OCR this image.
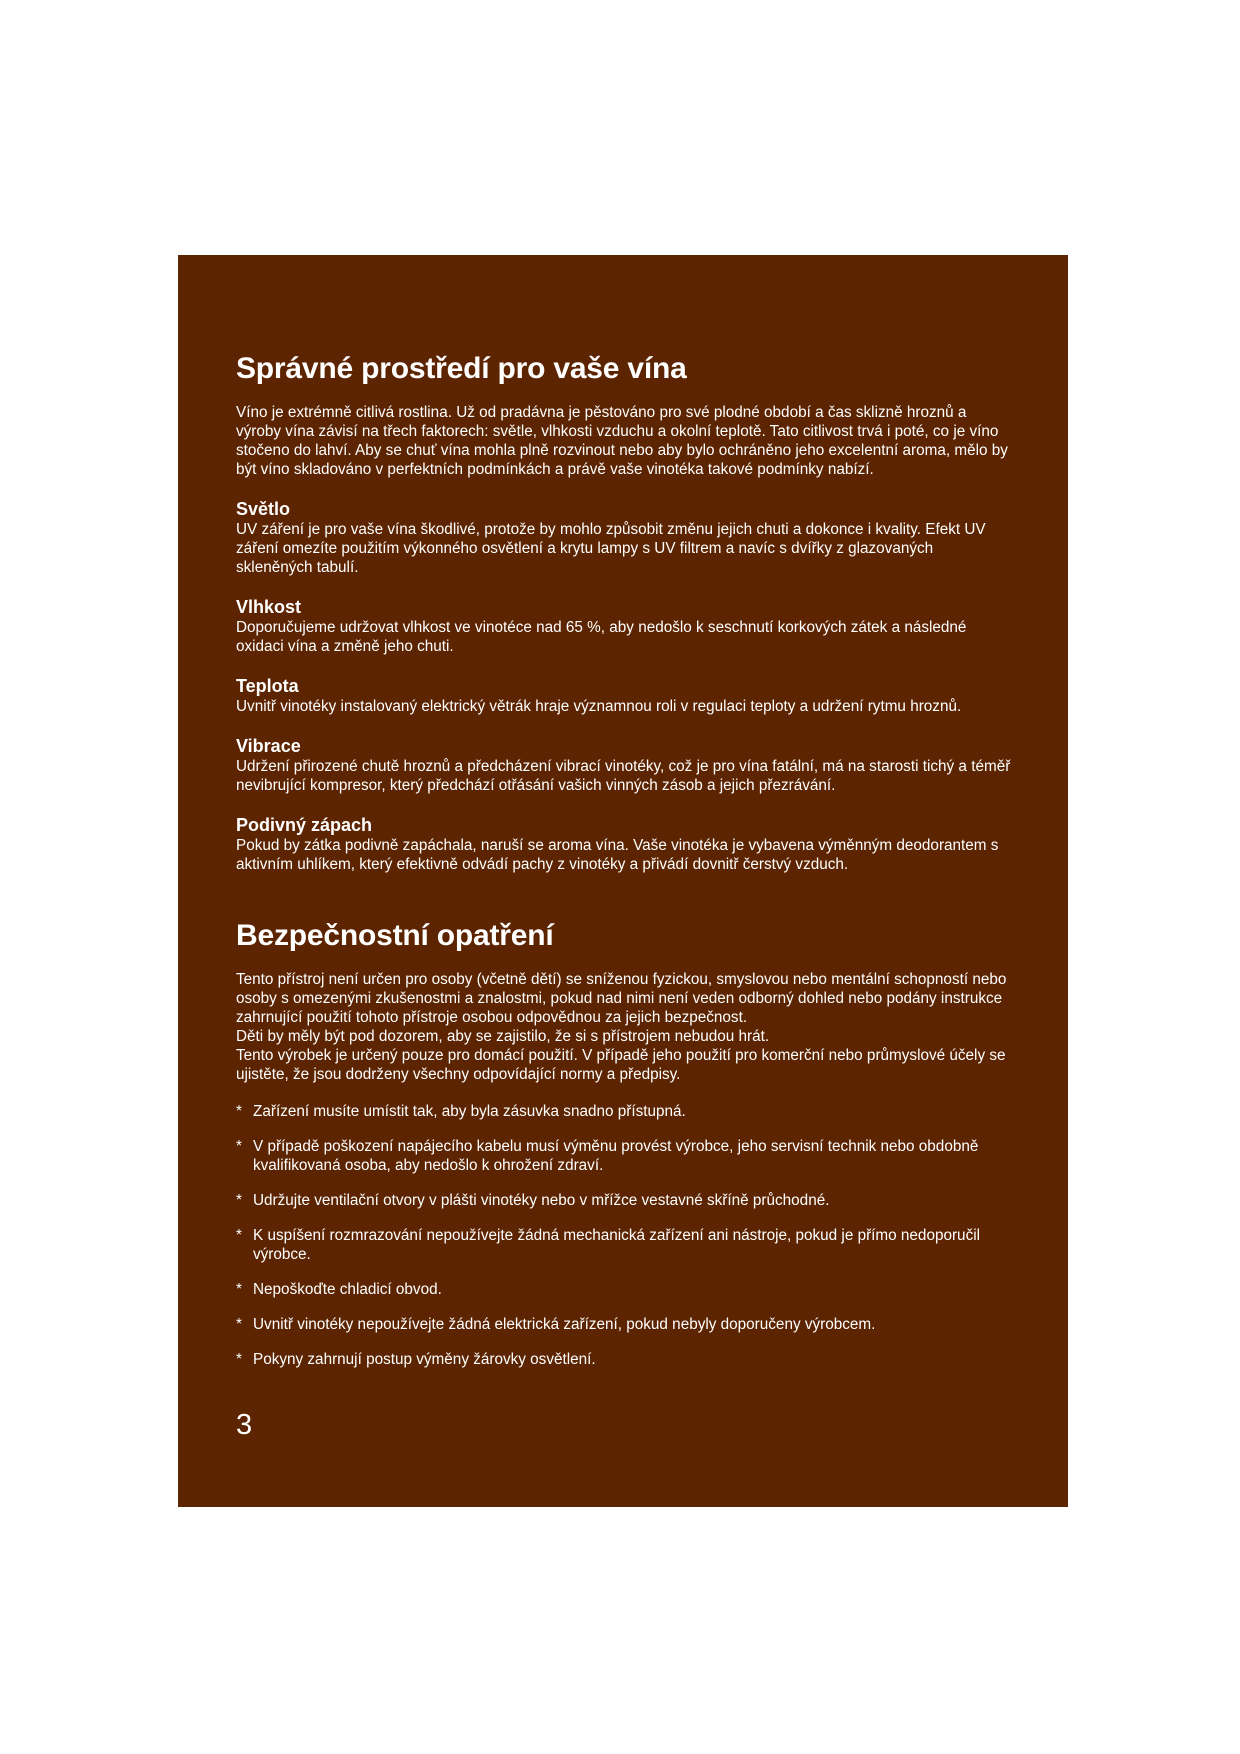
Správné prostředí pro vaše vína

Víno je extrémně citlivá rostlina. Už od pradávna je pěstováno pro své plodné období a čas sklizně hroznů a výroby vína závisí na třech faktorech: světle, vlhkosti vzduchu a okolní teplotě. Tato citlivost trvá i poté, co je víno stočeno do lahví. Aby se chuť vína mohla plně rozvinout nebo aby bylo ochráněno jeho excelentní aroma, mělo by být víno skladováno v perfektních podmínkách a právě vaše vinotéka takové podmínky nabízí.

Světlo

UV záření je pro vaše vína škodlivé, protože by mohlo způsobit změnu jejich chuti a dokonce i kvality. Efekt UV záření omezíte použitím výkonného osvětlení a krytu lampy s UV filtrem a navíc s dvířky z glazovaných skleněných tabulí.

Vlhkost

Doporučujeme udržovat vlhkost ve vinotéce nad 65 %, aby nedošlo k seschnutí korkových zátek a následné oxidaci vína a změně jeho chuti.

Teplota

Uvnitř vinotéky instalovaný elektrický větrák hraje významnou roli v regulaci teploty a udržení rytmu hroznů.

Vibrace

Udržení přirozené chutě hroznů a předcházení vibrací vinotéky, což je pro vína fatální, má na starosti tichý a téměř nevibrující kompresor, který předchází otřásání vašich vinných zásob a jejich přezrávání.

Podivný zápach

Pokud by zátka podivně zapáchala, naruší se aroma vína. Vaše vinotéka je vybavena výměnným deodorantem s aktivním uhlíkem, který efektivně odvádí pachy z vinotéky a přivádí dovnitř čerstvý vzduch.

Bezpečnostní opatření

Tento přístroj není určen pro osoby (včetně dětí) se sníženou fyzickou, smyslovou nebo mentální schopností nebo osoby s omezenými zkušenostmi a znalostmi, pokud nad nimi není veden odborný dohled nebo podány instrukce zahrnující použití tohoto přístroje osobou odpovědnou za jejich bezpečnost.

Děti by měly být pod dozorem, aby se zajistilo, že si s přístrojem nebudou hrát.

Tento výrobek je určený pouze pro domácí použití. V případě jeho použití pro komerční nebo průmyslové účely se ujistěte, že jsou dodrženy všechny odpovídající normy a předpisy.

* Zařízení musíte umístit tak, aby byla zásuvka snadno přístupná.
* V případě poškození napájecího kabelu musí výměnu provést výrobce, jeho servisní technik nebo obdobně kvalifikovaná osoba, aby nedošlo k ohrožení zdraví.
* Udržujte ventilační otvory v plášti vinotéky nebo v mřížce vestavné skříně průchodné.
* K uspíšení rozmrazování nepoužívejte žádná mechanická zařízení ani nástroje, pokud je přímo nedoporučil výrobce.
* Nepoškoďte chladicí obvod.
* Uvnitř vinotéky nepoužívejte žádná elektrická zařízení, pokud nebyly doporučeny výrobcem.
* Pokyny zahrnují postup výměny žárovky osvětlení.
3
